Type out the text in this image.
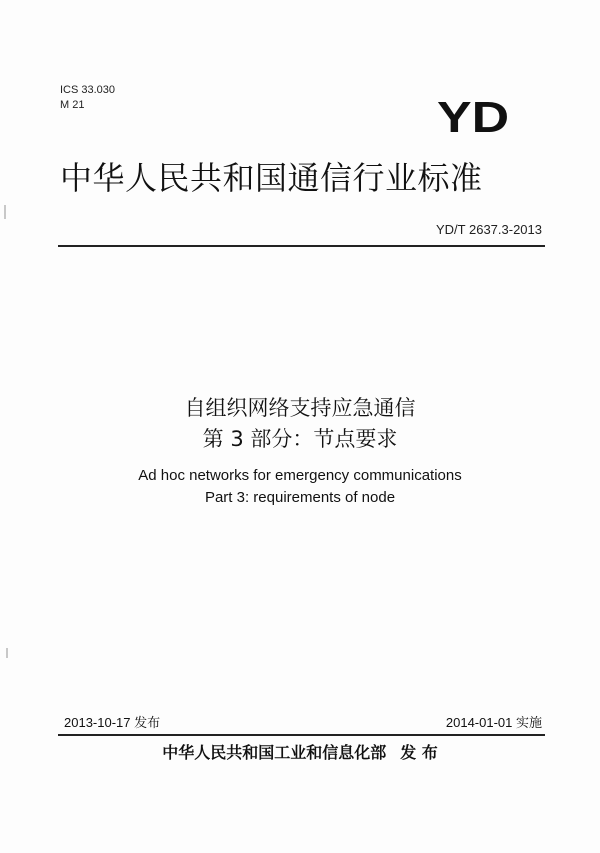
ICS 33.030
M 21	YD
中华人民共和国通信行业标准
YD/T 2637.3-2013

自组织网络支持应急通信

第 3 部分：节点要求

Ad hoc networks for emergency communications

Part 3: requirements of node

2013-10-17 发布	2014-01-01 实施
中华人民共和国工业和信息化部 发 布
